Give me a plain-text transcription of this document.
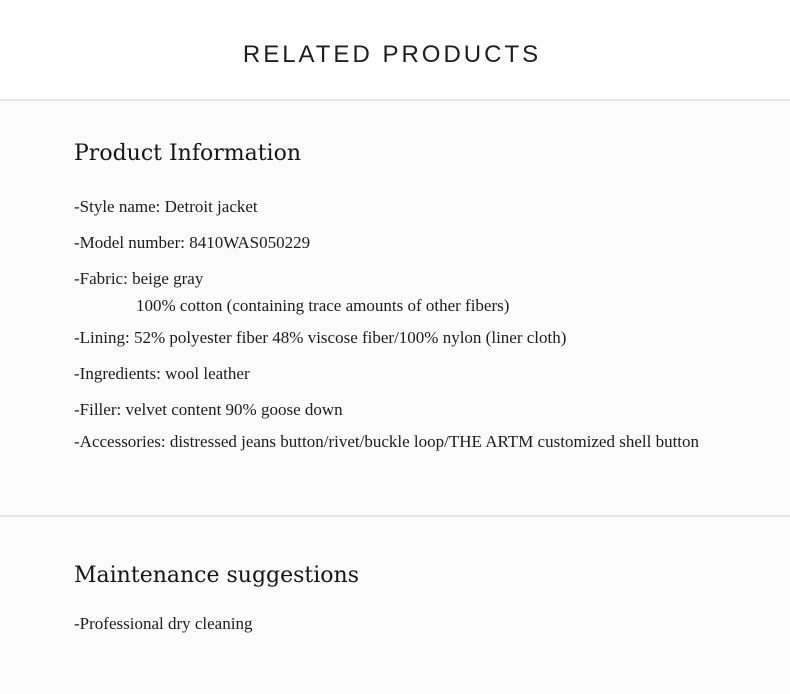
RELATED PRODUCTS
Product Information
-Style name: Detroit jacket
-Model number: 8410WAS050229
-Fabric: beige gray
100% cotton (containing trace amounts of other fibers)
-Lining: 52% polyester fiber 48% viscose fiber/100% nylon (liner cloth)
-Ingredients: wool leather
-Filler: velvet content 90% goose down
-Accessories: distressed jeans button/rivet/buckle loop/THE ARTM customized shell button
Maintenance suggestions
-Professional dry cleaning
